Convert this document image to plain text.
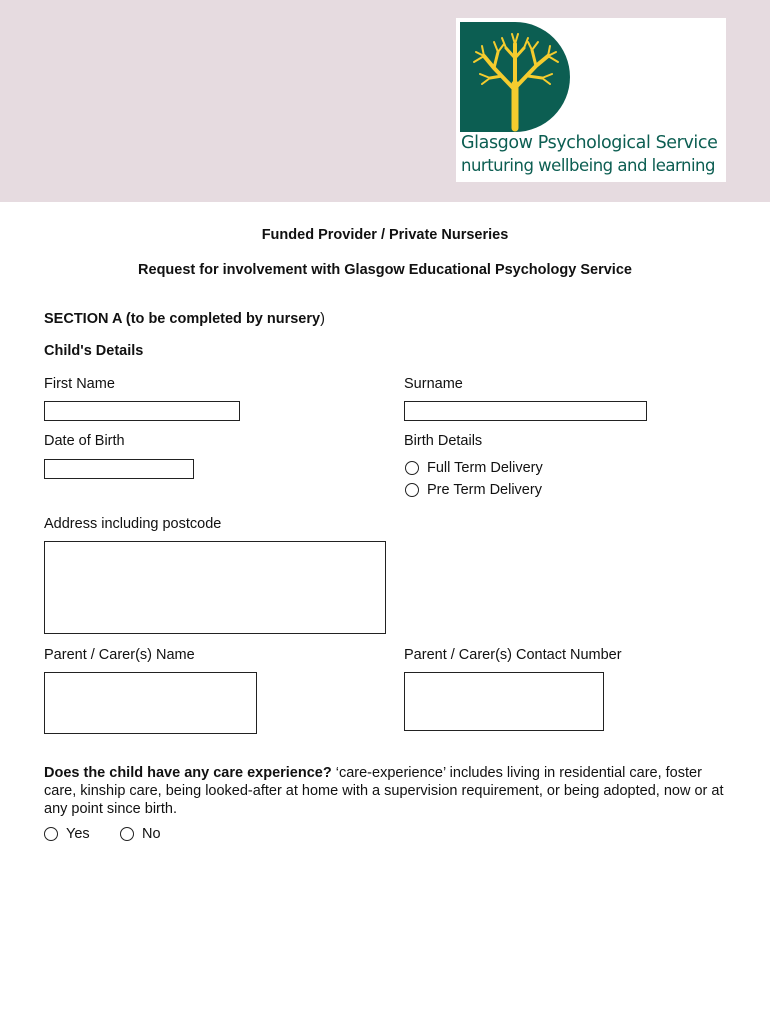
Glasgow Psychological Service
nurturing wellbeing and learning
Funded Provider / Private Nurseries
Request for involvement with Glasgow Educational Psychology Service
SECTION A (to be completed by nursery)
Child's Details
First Name	Surname
Date of Birth	Birth Details
Full Term Delivery
Pre Term Delivery
Address including postcode
Parent / Carer(s) Name	Parent / Carer(s) Contact Number
Does the child have any care experience? ‘care-experience’ includes living in residential care, foster care, kinship care, being looked-after at home with a supervision requirement, or being adopted, now or at any point since birth.
Yes	No
